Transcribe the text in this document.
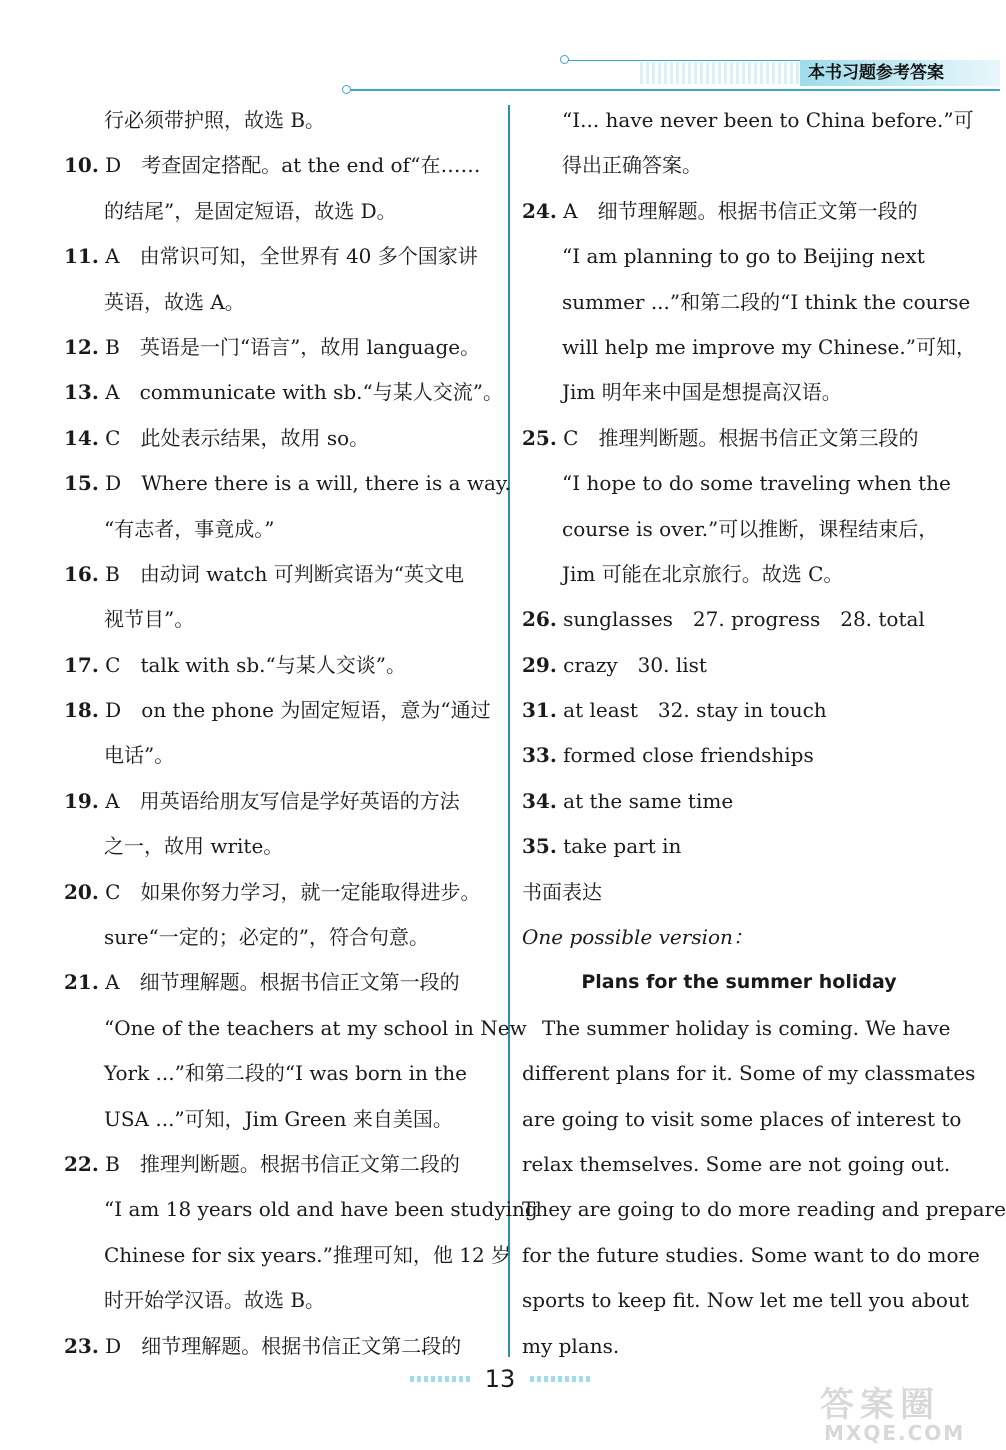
本书习题参考答案
行必须带护照，故选 B。
10. D　考查固定搭配。at the end of“在……
的结尾”，是固定短语，故选 D。
11. A　由常识可知，全世界有 40 多个国家讲
英语，故选 A。
12. B　英语是一门“语言”，故用 language。
13. A　communicate with sb.“与某人交流”。
14. C　此处表示结果，故用 so。
15. D　Where there is a will, there is a way.
“有志者，事竟成。”
16. B　由动词 watch 可判断宾语为“英文电
视节目”。
17. C　talk with sb.“与某人交谈”。
18. D　on the phone 为固定短语，意为“通过
电话”。
19. A　用英语给朋友写信是学好英语的方法
之一，故用 write。
20. C　如果你努力学习，就一定能取得进步。
sure“一定的；必定的”，符合句意。
21. A　细节理解题。根据书信正文第一段的
“One of the teachers at my school in New
York ...”和第二段的“I was born in the
USA ...”可知，Jim Green 来自美国。
22. B　推理判断题。根据书信正文第二段的
“I am 18 years old and have been studying
Chinese for six years.”推理可知，他 12 岁
时开始学汉语。故选 B。
23. D　细节理解题。根据书信正文第二段的
“I... have never been to China before.”可
得出正确答案。
24. A　细节理解题。根据书信正文第一段的
“I am planning to go to Beijing next
summer ...”和第二段的“I think the course
will help me improve my Chinese.”可知，
Jim 明年来中国是想提高汉语。
25. C　推理判断题。根据书信正文第三段的
“I hope to do some traveling when the
course is over.”可以推断，课程结束后，
Jim 可能在北京旅行。故选 C。
26. sunglasses　27. progress　28. total
29. crazy　30. list
31. at least　32. stay in touch
33. formed close friendships
34. at the same time
35. take part in
书面表达
One possible version：
Plans for the summer holiday
　The summer holiday is coming. We have
different plans for it. Some of my classmates
are going to visit some places of interest to
relax themselves. Some are not going out.
They are going to do more reading and prepare
for the future studies. Some want to do more
sports to keep fit. Now let me tell you about
my plans.
13
答案圈
MXQE.COM
